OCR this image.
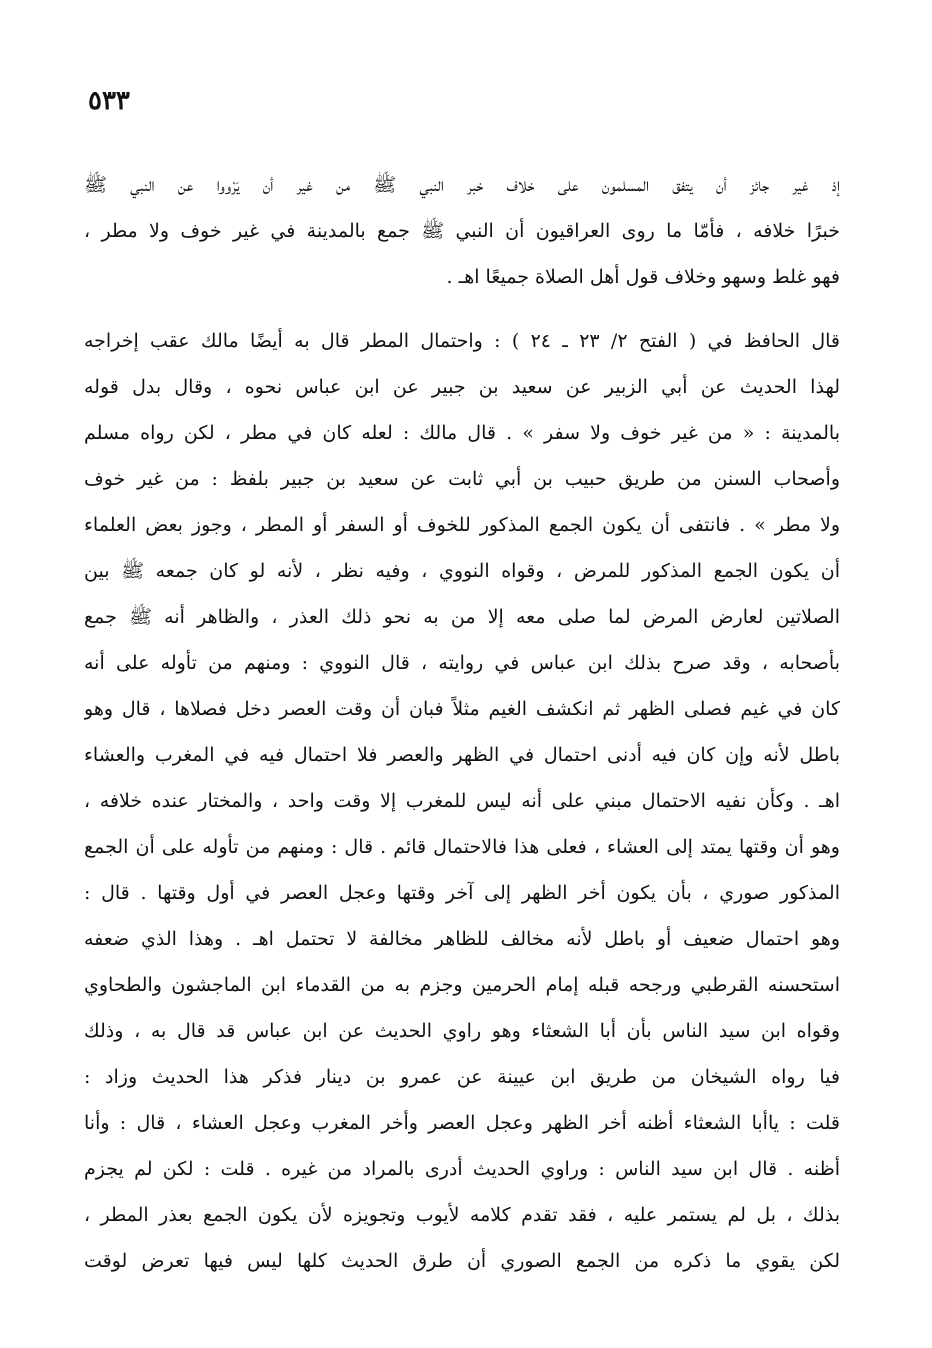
٥٣٣
إذ غير جائز أن يتفق المسلمون على خلاف خبر النبي ﷺ من غير أن يَرْووا عن النبي ﷺ
خبرًا خلافه ، فأمّا ما روى العراقيون أن النبي ﷺ جمع بالمدينة في غير خوف ولا مطر ،
فهو غلط وسهو وخلاف قول أهل الصلاة جميعًا اهـ .
قال الحافظ في ( الفتح ٢/ ٢٣ ـ ٢٤ ) : واحتمال المطر قال به أيضًا مالك عقب إخراجه
لهذا الحديث عن أبي الزبير عن سعيد بن جبير عن ابن عباس نحوه ، وقال بدل قوله
بالمدينة : « من غير خوف ولا سفر » . قال مالك : لعله كان في مطر ، لكن رواه مسلم
وأصحاب السنن من طريق حبيب بن أبي ثابت عن سعيد بن جبير بلفظ : من غير خوف
ولا مطر » . فانتفى أن يكون الجمع المذكور للخوف أو السفر أو المطر ، وجوز بعض العلماء
أن يكون الجمع المذكور للمرض ، وقواه النووي ، وفيه نظر ، لأنه لو كان جمعه ﷺ بين
الصلاتين لعارض المرض لما صلى معه إلا من به نحو ذلك العذر ، والظاهر أنه ﷺ جمع
بأصحابه ، وقد صرح بذلك ابن عباس في روايته ، قال النووي : ومنهم من تأوله على أنه
كان في غيم فصلى الظهر ثم انكشف الغيم مثلاً فبان أن وقت العصر دخل فصلاها ، قال وهو
باطل لأنه وإن كان فيه أدنى احتمال في الظهر والعصر فلا احتمال فيه في المغرب والعشاء
اهـ . وكأن نفيه الاحتمال مبني على أنه ليس للمغرب إلا وقت واحد ، والمختار عنده خلافه ،
وهو أن وقتها يمتد إلى العشاء ، فعلى هذا فالاحتمال قائم . قال : ومنهم من تأوله على أن الجمع
المذكور صوري ، بأن يكون أخر الظهر إلى آخر وقتها وعجل العصر في أول وقتها . قال :
وهو احتمال ضعيف أو باطل لأنه مخالف للظاهر مخالفة لا تحتمل اهـ . وهذا الذي ضعفه
استحسنه القرطبي ورجحه قبله إمام الحرمين وجزم به من القدماء ابن الماجشون والطحاوي
وقواه ابن سيد الناس بأن أبا الشعثاء وهو راوي الحديث عن ابن عباس قد قال به ، وذلك
فيا رواه الشيخان من طريق ابن عيينة عن عمرو بن دينار فذكر هذا الحديث وزاد :
قلت : ياأبا الشعثاء أظنه أخر الظهر وعجل العصر وأخر المغرب وعجل العشاء ، قال : وأنا
أظنه . قال ابن سيد الناس : وراوي الحديث أدرى بالمراد من غيره . قلت : لكن لم يجزم
بذلك ، بل لم يستمر عليه ، فقد تقدم كلامه لأيوب وتجويزه لأن يكون الجمع بعذر المطر ،
لكن يقوي ما ذكره من الجمع الصوري أن طرق الحديث كلها ليس فيها تعرض لوقت
